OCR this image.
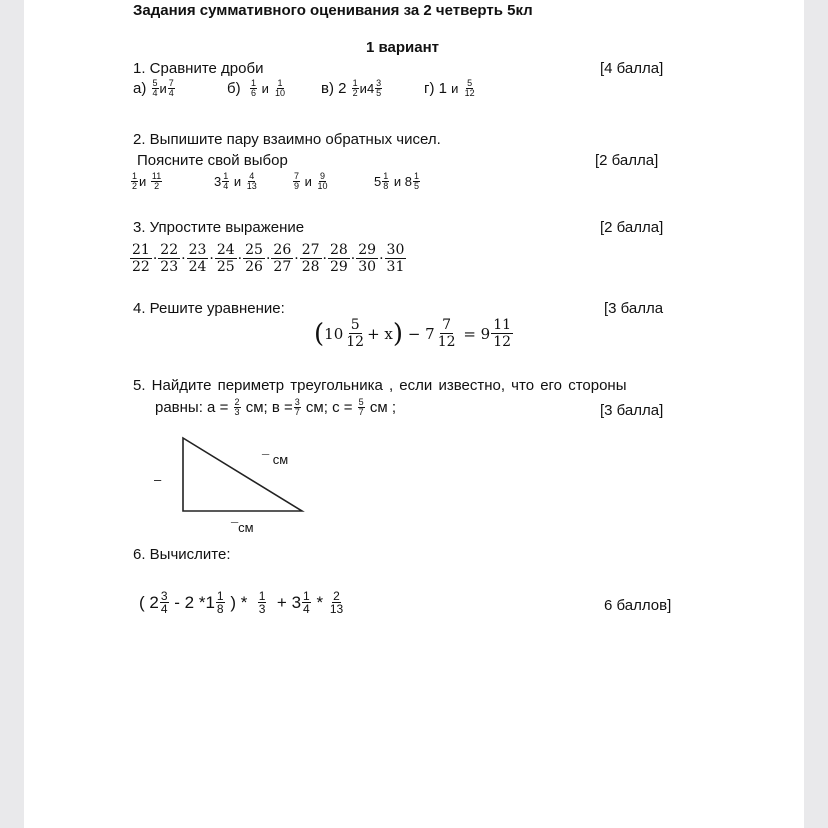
Задания суммативного оценивания за 2 четверть 5кл
1 вариант
1. Сравните дроби	[4 балла]
а)
$\frac{5}{4}$ и $\frac{7}{4}$	б)
$\frac{1}{6}$
и
$\frac{1}{10} в$) 2
$\frac{1}{2}$ и $4 \frac{3}{5}$	г) 1
и
$\frac{5}{12}$
2. Выпишите пару взаимно обратных чисел.
Поясните свой выбор	[2 балла]
$\frac{1}{2}$ и
$\frac{11}{2}$	$3 \frac{1}{4}$
и
$\frac{4}{13}$	$\frac{7}{9}$
и
$\frac{9}{10}$	$5 \frac{1}{8}$
и
$8 \frac{1}{5}$
3. Упростите выражение	[2 балла]
$\frac{21}{22} \cdot \frac{22}{23} \cdot \frac{23}{24} \cdot \frac{24}{25} \cdot \frac{25}{26} \cdot \frac{26}{27} \cdot \frac{27}{28} \cdot \frac{28}{29} \cdot \frac{29}{30} \cdot \frac{30}{31}$
4. Решите уравнение:	[3 балла
( $10 \frac{5}{12} + x$ )
− $7 \frac{7}{12}$
= $9 \frac{11}{12}$
5. Найдите периметр треугольника , если известно, что его стороны
равны: а =
$\frac{2}{3}$
см; $в = \frac{3}{7}$
см; с =
$\frac{5}{7}$
см ;	[3 балла]
¯ см
–
¯см
6. Вычислите:
( $2 \frac{3}{4}$
- 2 $*1 \frac{1}{8}$
) *
$\frac{1}{3}$
+ $3 \frac{1}{4}$
*
$\frac{2}{13}$	6 баллов]
